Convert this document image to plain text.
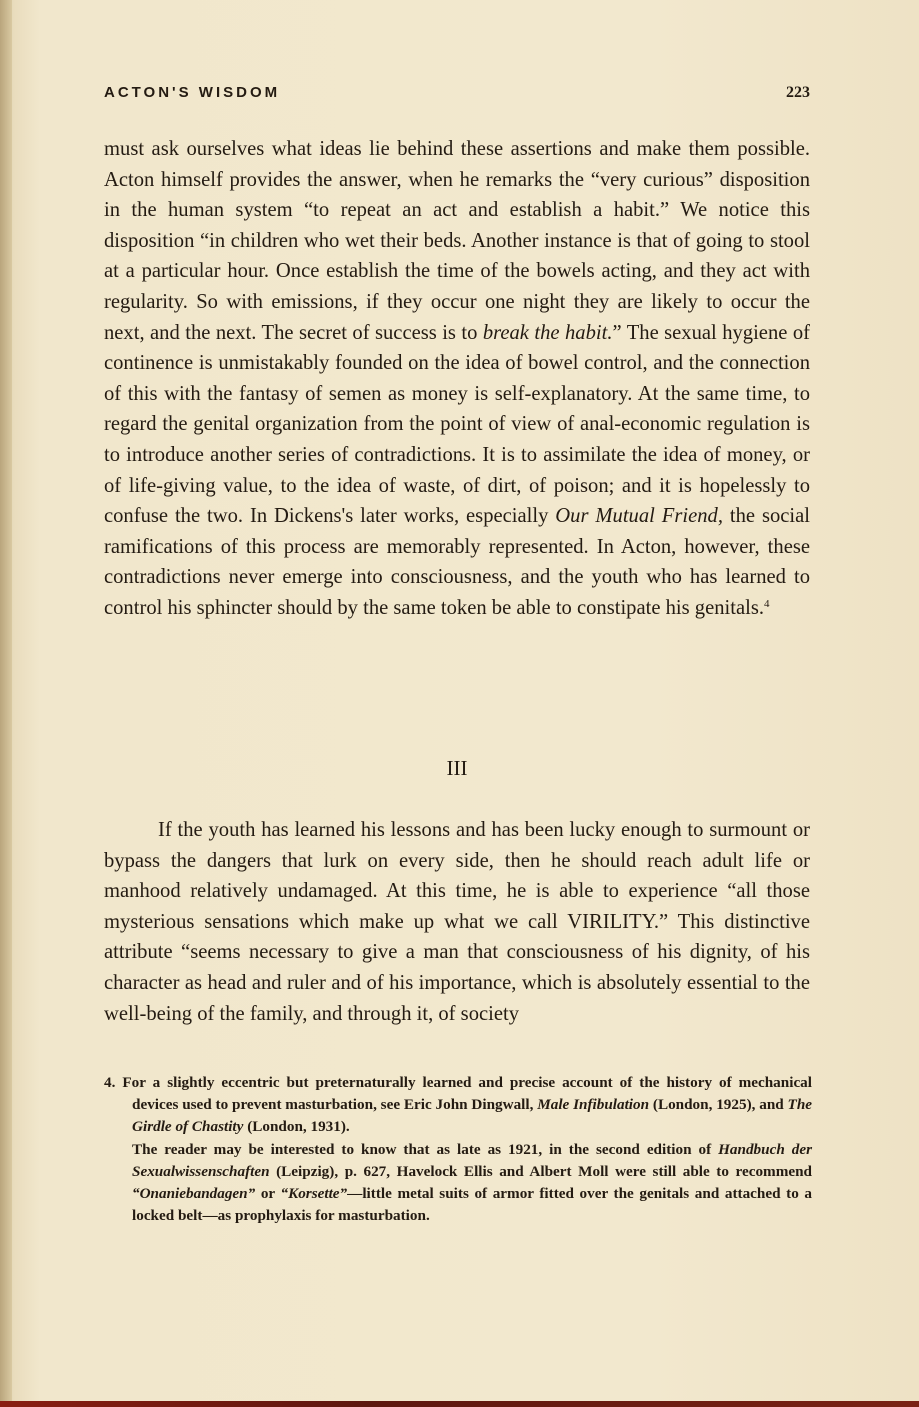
ACTON'S WISDOM	223

must ask ourselves what ideas lie behind these assertions and make them possible. Acton himself provides the answer, when he remarks the “very curious” disposition in the human system “to repeat an act and establish a habit.” We notice this disposition “in children who wet their beds. Another instance is that of going to stool at a particular hour. Once establish the time of the bowels acting, and they act with regularity. So with emissions, if they occur one night they are likely to occur the next, and the next. The secret of success is to break the habit.” The sexual hygiene of continence is unmistakably founded on the idea of bowel control, and the connection of this with the fantasy of semen as money is self-explanatory. At the same time, to regard the genital organization from the point of view of anal-economic regulation is to introduce another series of contradictions. It is to assimilate the idea of money, or of life-giving value, to the idea of waste, of dirt, of poison; and it is hopelessly to confuse the two. In Dickens's later works, especially Our Mutual Friend, the social ramifications of this process are memorably represented. In Acton, however, these contradictions never emerge into consciousness, and the youth who has learned to control his sphincter should by the same token be able to constipate his genitals.$^4$

III

If the youth has learned his lessons and has been lucky enough to surmount or bypass the dangers that lurk on every side, then he should reach adult life or manhood relatively undamaged. At this time, he is able to experience “all those mysterious sensations which make up what we call VIRILITY.” This distinctive attribute “seems necessary to give a man that consciousness of his dignity, of his character as head and ruler and of his importance, which is absolutely essential to the well-being of the family, and through it, of society

4. For a slightly eccentric but preternaturally learned and precise account of the history of mechanical devices used to prevent masturbation, see Eric John Dingwall, Male Infibulation (London, 1925), and The Girdle of Chastity (London, 1931).

The reader may be interested to know that as late as 1921, in the second edition of Handbuch der Sexualwissenschaften (Leipzig), p. 627, Havelock Ellis and Albert Moll were still able to recommend “Onaniebandagen” or “Korsette”—little metal suits of armor fitted over the genitals and attached to a locked belt—as prophylaxis for masturbation.
